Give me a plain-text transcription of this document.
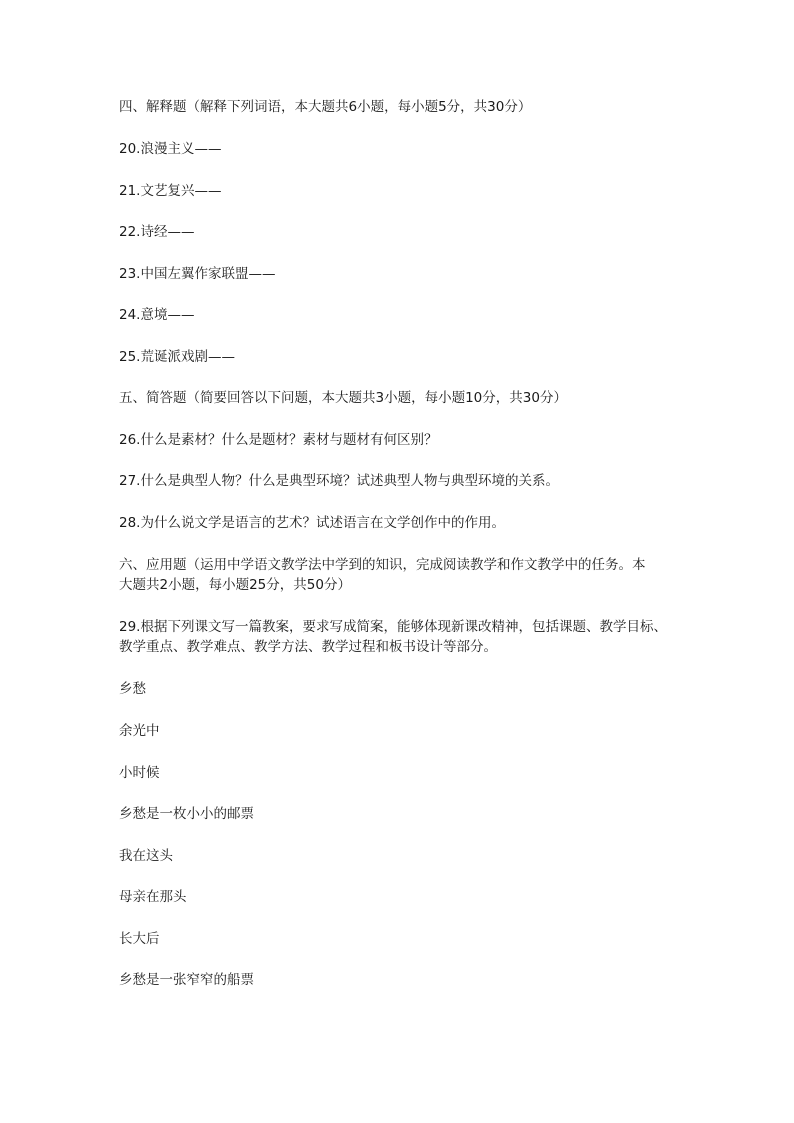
四、解释题（解释下列词语，本大题共6小题，每小题5分，共30分）

20.浪漫主义——

21.文艺复兴——

22.诗经——

23.中国左翼作家联盟——

24.意境——

25.荒诞派戏剧——

五、简答题（简要回答以下问题，本大题共3小题，每小题10分，共30分）

26.什么是素材？什么是题材？素材与题材有何区别？

27.什么是典型人物？什么是典型环境？试述典型人物与典型环境的关系。

28.为什么说文学是语言的艺术？试述语言在文学创作中的作用。

六、应用题（运用中学语文教学法中学到的知识，完成阅读教学和作文教学中的任务。本

大题共2小题，每小题25分，共50分）

29.根据下列课文写一篇教案，要求写成简案，能够体现新课改精神，包括课题、教学目标、

教学重点、教学难点、教学方法、教学过程和板书设计等部分。

乡愁

余光中

小时候

乡愁是一枚小小的邮票

我在这头

母亲在那头

长大后

乡愁是一张窄窄的船票
